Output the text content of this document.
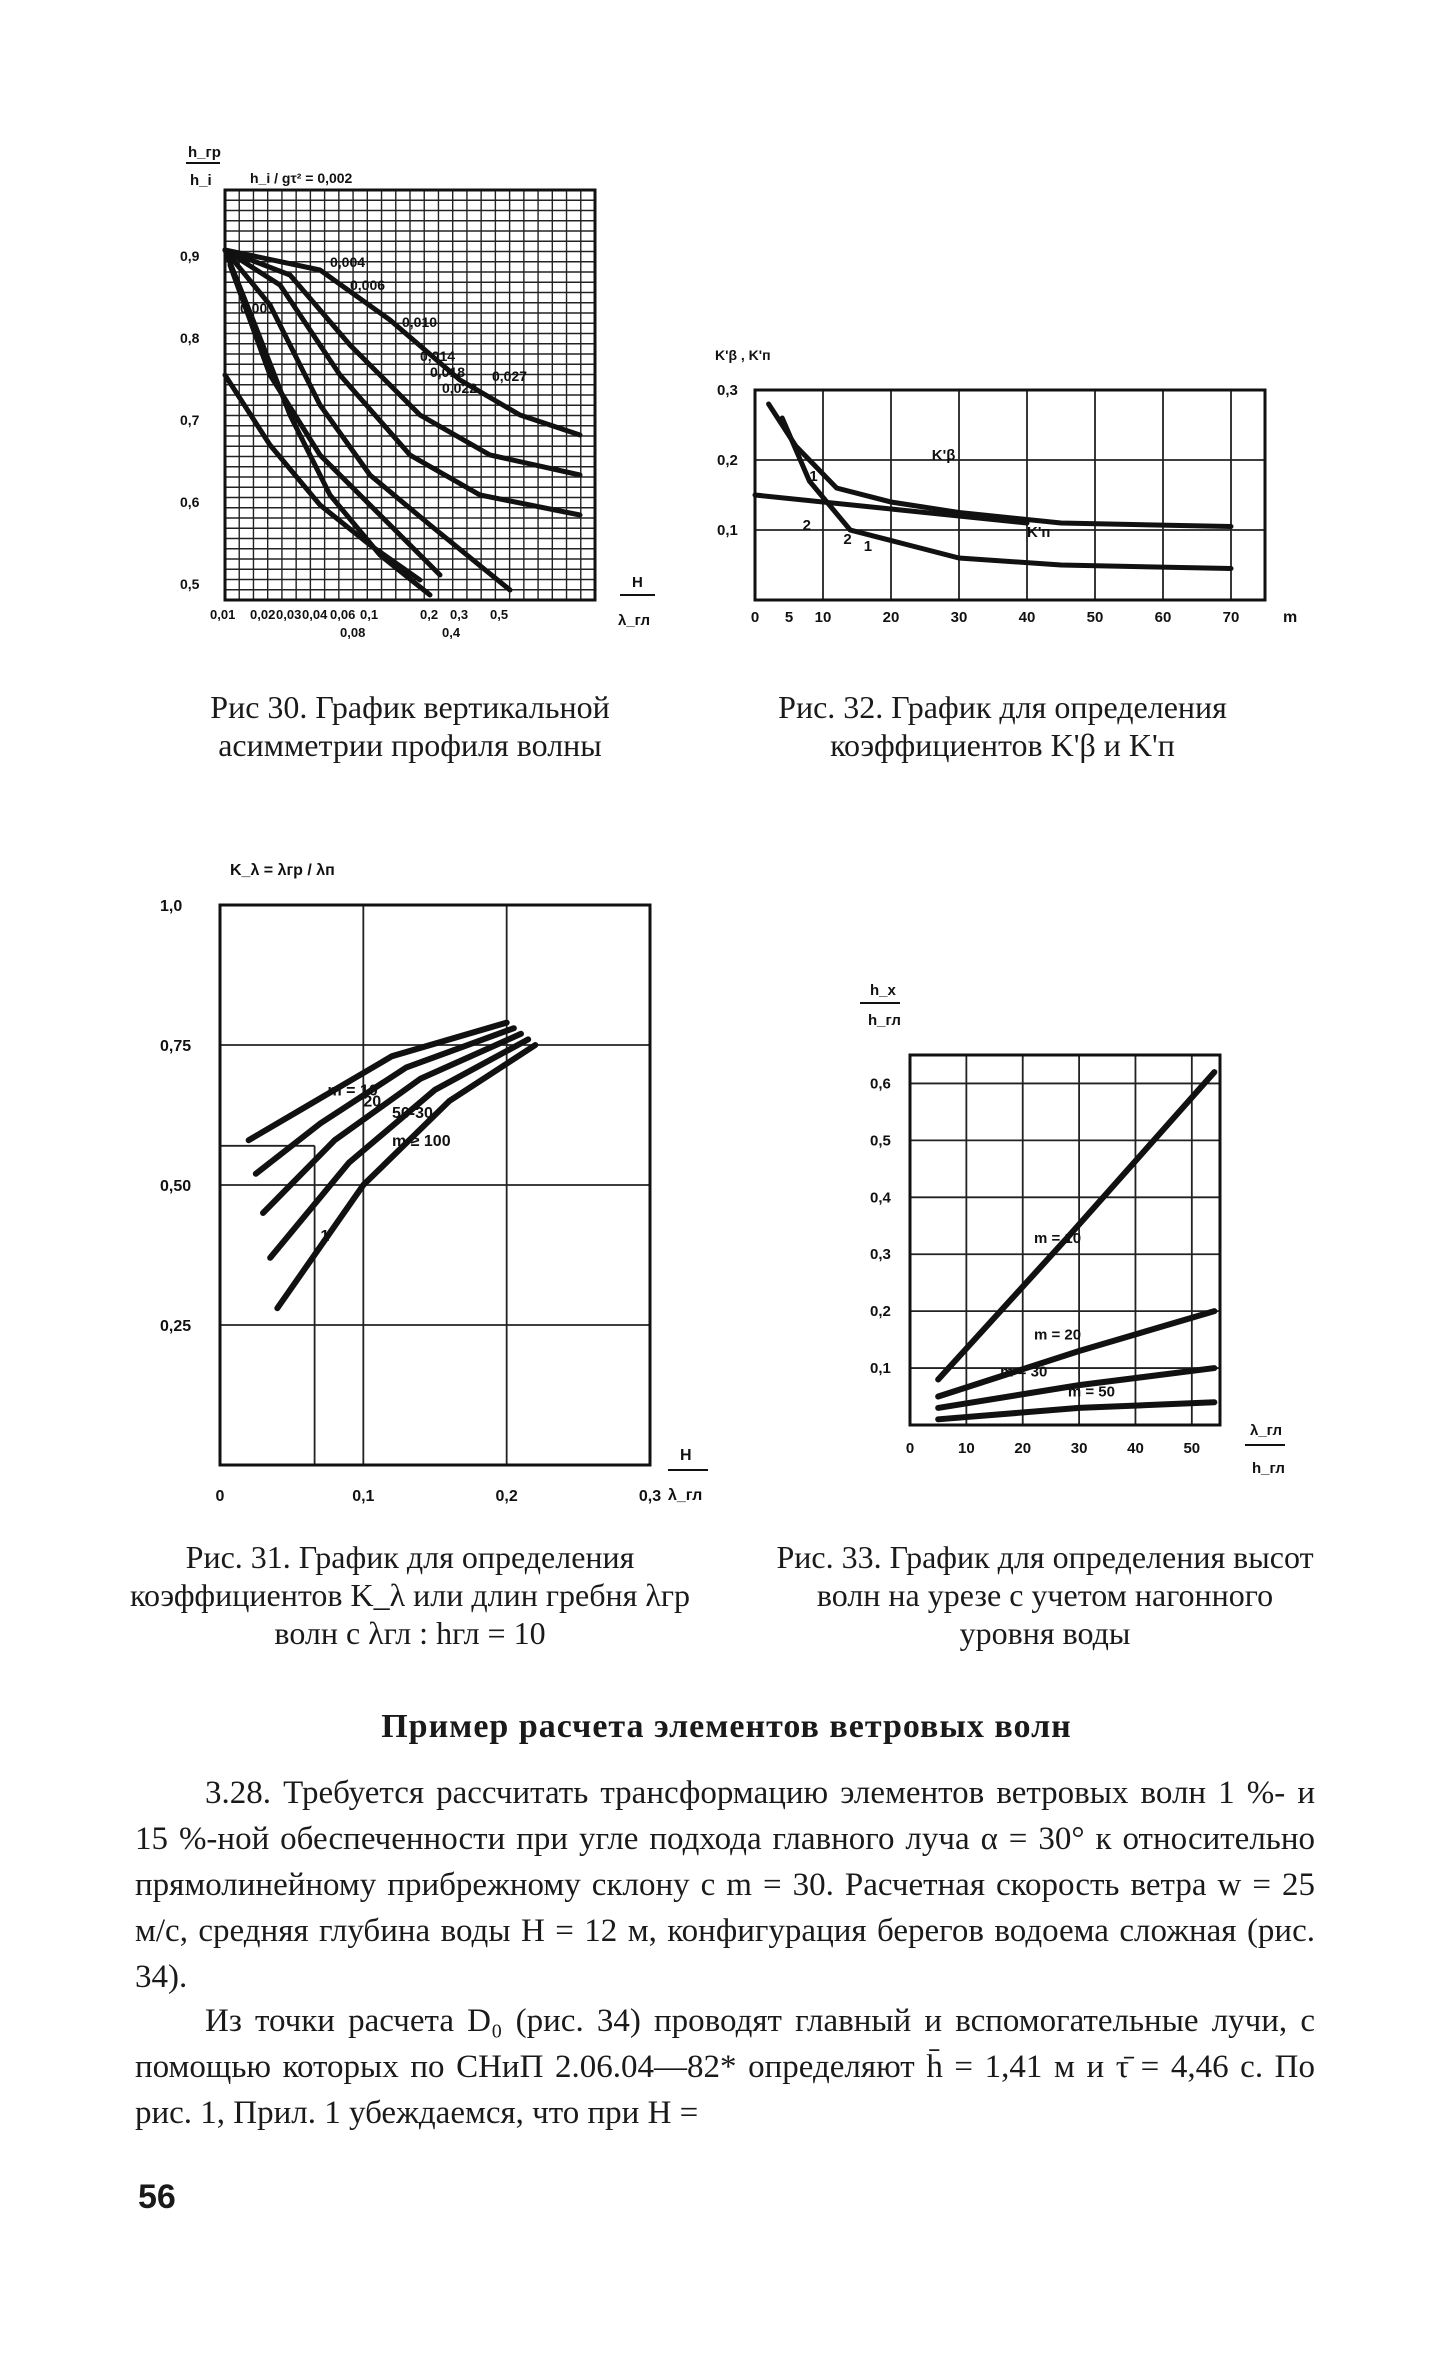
h_гр
h_i	h_i / gτ² = 0,002
0,9
0,8
0,7
0,6
0,5
0,01 0,02 0,03 0,04 0,06 0,1	0,2 0,3 0,5
0,08	0,4
H
λ_гл
0,004
0,006
0,010
0,001
0,014
0,018
0,022
0,027
Рис 30. График вертикальной асимметрии профиля волны
K'β , K'п
0,3
0,2
0,1
0 5 10	20	30	40	50	60	70	m
K'β
K'п
1
2
2 1
Рис. 32. График для определения коэффициентов K'β и K'п
K_λ = λгр / λп
1,0
0,75
0,50
0,25
0	0,1	0,2	0,3
H
λ_гл
m = 10
20
50-30
m ≥ 100
1
Рис. 31. График для определения коэффициентов K_λ или длин гребня λгр волн с λгл : hгл = 10
h_x
h_гл
0,6
0,5
0,4
0,3
0,2
0,1
0	10	20	30	40	50
λ_гл
h_гл
m = 10
m = 20
m = 30
m = 50
Рис. 33. График для определения высот волн на урезе с учетом нагонного уровня воды
Пример расчета элементов ветровых волн
3.28. Требуется рассчитать трансформацию элементов ветровых волн 1 %- и 15 %-ной обеспеченности при угле подхода главного луча α = 30° к относительно прямолинейному прибрежному склону с m = 30. Расчетная скорость ветра w = 25 м/с, средняя глубина воды H = 12 м, конфигурация берегов водоема сложная (рис. 34).
Из точки расчета D₀ (рис. 34) проводят главный и вспомогательные лучи, с помощью которых по СНиП 2.06.04—82* определяют h̄ = 1,41 м и τ̄ = 4,46 с. По рис. 1, Прил. 1 убеждаемся, что при H =
56
